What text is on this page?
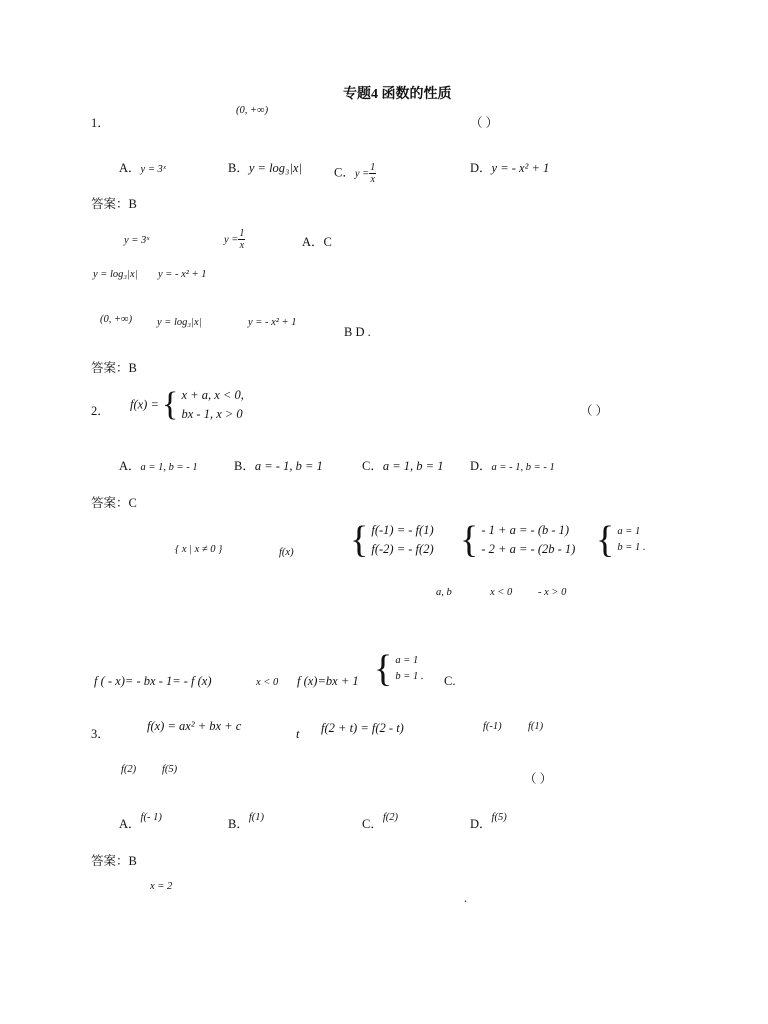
专题4 函数的性质
1．
(0, +∞)
（ ）
A．y = 3ˣ	B．y = log₃|x|	C．$y = \frac{1}{x}$	D．y = - x² + 1
答案：B
y = 3ˣ	$y = \frac{1}{x}$	A．C
y = log₃|x| y = - x² + 1
(0, +∞) y = log₃|x|	y = - x² + 1
B D .
答案：B
2． f(x) = { x + a, x < 0,
bx - 1, x > 0	（ ）
A．a = 1, b = - 1	B．a = - 1, b = 1	C．a = 1, b = 1 D．a = - 1, b = - 1
答案：C
{ x | x ≠ 0 }	f(x) { f(-1) = - f(1)
f(-2) = - f(2) { - 1 + a = - (b - 1)
- 2 + a = - (2b - 1) { a = 1
b = 1 .
a, b	x < 0 - x > 0
f ( - x)= - bx - 1= - f (x)	x < 0 f (x)=bx + 1 { a = 1
b = 1 . C.
3．
f(x) = ax² + bx + c
t f(2 + t) = f(2 - t)	f(-1)	f(1)
f(2) f(5)
（ ）
A．$^{f(- 1)}$	B．$^{f(1)}$	C．$^{f(2)}$	D．$^{f(5)}$
答案：B
x = 2
.
